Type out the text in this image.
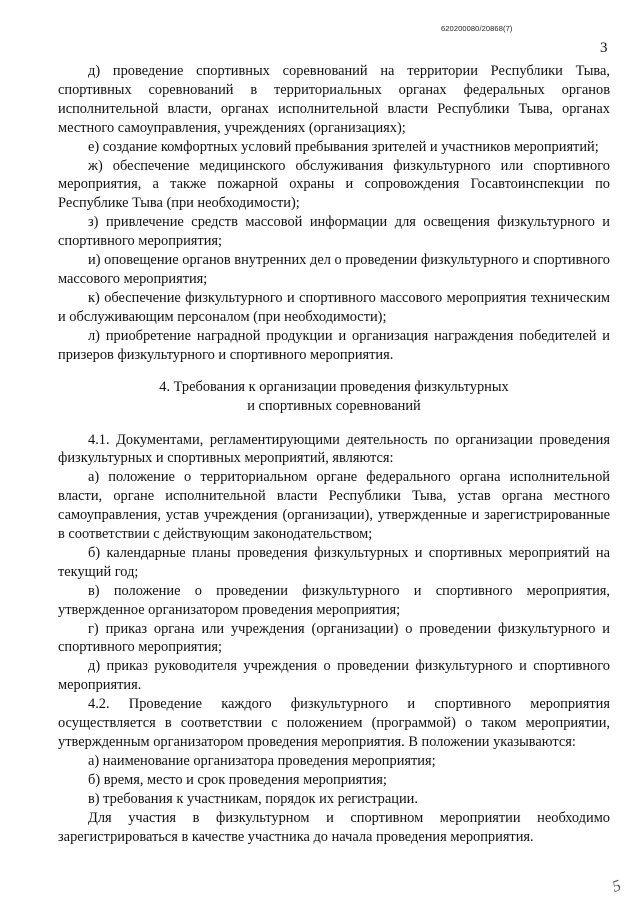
620200080/20868(7)
3

д) проведение спортивных соревнований на территории Республики Тыва, спортивных соревнований в территориальных органах федеральных органов исполнительной власти, органах исполнительной власти Республики Тыва, органах местного самоуправления, учреждениях (организациях);

е) создание комфортных условий пребывания зрителей и участников мероприятий;

ж) обеспечение медицинского обслуживания физкультурного или спортивного мероприятия, а также пожарной охраны и сопровождения Госавтоинспекции по Республике Тыва (при необходимости);

з) привлечение средств массовой информации для освещения физкультурного и спортивного мероприятия;

и) оповещение органов внутренних дел о проведении физкультурного и спортивного массового мероприятия;

к) обеспечение физкультурного и спортивного массового мероприятия техническим и обслуживающим персоналом (при необходимости);

л) приобретение наградной продукции и организация награждения победителей и призеров физкультурного и спортивного мероприятия.

4. Требования к организации проведения физкультурных
и спортивных соревнований

4.1. Документами, регламентирующими деятельность по организации проведения физкультурных и спортивных мероприятий, являются:

а) положение о территориальном органе федерального органа исполнительной власти, органе исполнительной власти Республики Тыва, устав органа местного самоуправления, устав учреждения (организации), утвержденные и зарегистрированные в соответствии с действующим законодательством;

б) календарные планы проведения физкультурных и спортивных мероприятий на текущий год;

в) положение о проведении физкультурного и спортивного мероприятия, утвержденное организатором проведения мероприятия;

г) приказ органа или учреждения (организации) о проведении физкультурного и спортивного мероприятия;

д) приказ руководителя учреждения о проведении физкультурного и спортивного мероприятия.

4.2. Проведение каждого физкультурного и спортивного мероприятия осуществляется в соответствии с положением (программой) о таком мероприятии, утвержденным организатором проведения мероприятия. В положении указываются:

а) наименование организатора проведения мероприятия;

б) время, место и срок проведения мероприятия;

в) требования к участникам, порядок их регистрации.

Для участия в физкультурном и спортивном мероприятии необходимо зарегистрироваться в качестве участника до начала проведения мероприятия.

5
